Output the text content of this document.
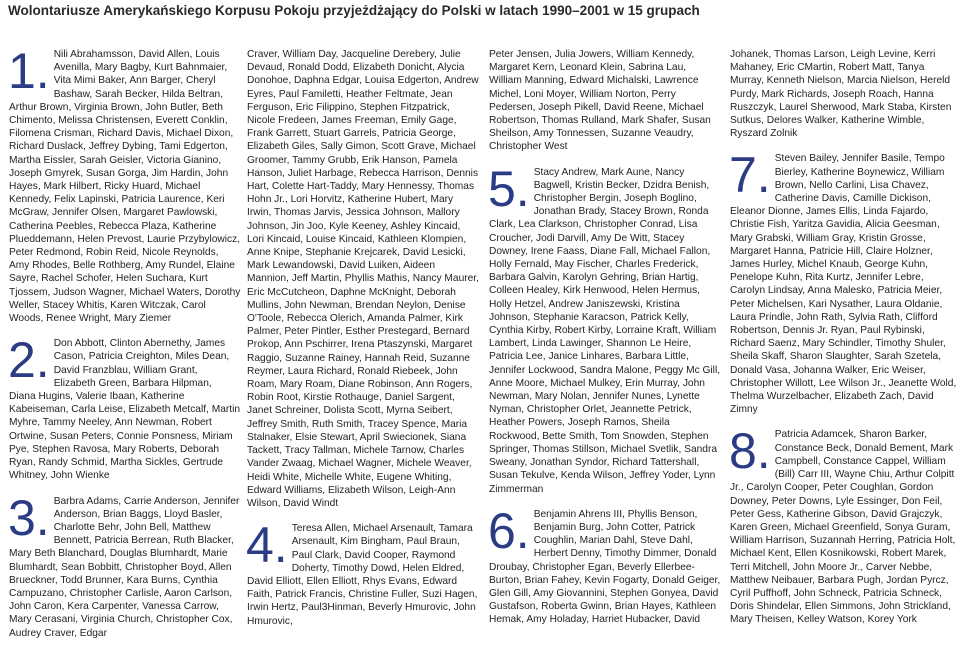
Wolontariusze Amerykańskiego Korpusu Pokoju przyjeżdżający do Polski w latach 1990–2001 w 15 grupach
1. Nili Abrahamsson, David Allen, Louis Avenilla, Mary Bagby, Kurt Bahnmaier, Vita Mimi Baker, Ann Barger, Cheryl Bashaw, Sarah Becker, Hilda Beltran, Arthur Brown, Virginia Brown, John Butler, Beth Chimento, Melissa Christensen, Everett Conklin, Filomena Crisman, Richard Davis, Michael Dixon, Richard Duslack, Jeffrey Dybing, Tami Edgerton, Martha Eissler, Sarah Geisler, Victoria Gianino, Joseph Gmyrek, Susan Gorga, Jim Hardin, John Hayes, Mark Hilbert, Ricky Huard, Michael Kennedy, Felix Lapinski, Patricia Laurence, Keri McGraw, Jennifer Olsen, Margaret Pawlowski, Catherina Peebles, Rebecca Plaza, Katherine Plueddemann, Helen Prevost, Laurie Przybylowicz, Peter Redmond, Robin Reid, Nicole Reynolds, Amy Rhodes, Belle Rothberg, Amy Rundel, Elaine Sayre, Rachel Schofer, Helen Suchara, Kurt Tjossem, Judson Wagner, Michael Waters, Dorothy Weller, Stacey Whitis, Karen Witczak, Carol Woods, Renee Wright, Mary Ziemer
2. Don Abbott, Clinton Abernethy, James Cason, Patricia Creighton, Miles Dean, David Franzblau, William Grant, Elizabeth Green, Barbara Hilpman, Diana Hugins, Valerie Ibaan, Katherine Kabeiseman, Carla Leise, Elizabeth Metcalf, Martin Myhre, Tammy Neeley, Ann Newman, Robert Ortwine, Susan Peters, Connie Ponsness, Miriam Pye, Stephen Ravosa, Mary Roberts, Deborah Ryan, Randy Schmid, Martha Sickles, Gertrude Whitney, John Wienke
3. Barbra Adams, Carrie Anderson, Jennifer Anderson, Brian Baggs, Lloyd Basler, Charlotte Behr, John Bell, Matthew Bennett, Patricia Berrean, Ruth Blacker, Mary Beth Blanchard, Douglas Blumhardt, Marie Blumhardt, Sean Bobbitt, Christopher Boyd, Allen Brueckner, Todd Brunner, Kara Burns, Cynthia Campuzano, Christopher Carlisle, Aaron Carlson, John Caron, Kera Carpenter, Vanessa Carrow, Mary Cerasani, Virginia Church, Christopher Cox, Audrey Craver, Edgar
Craver, William Day, Jacqueline Derebery, Julie Devaud, Ronald Dodd, Elizabeth Donicht, Alycia Donohoe, Daphna Edgar, Louisa Edgerton, Andrew Eyres, Paul Familetti, Heather Feltmate, Jean Ferguson, Eric Filippino, Stephen Fitzpatrick, Nicole Fredeen, James Freeman, Emily Gage, Frank Garrett, Stuart Garrels, Patricia George, Elizabeth Giles, Sally Gimon, Scott Grave, Michael Groomer, Tammy Grubb, Erik Hanson, Pamela Hanson, Juliet Harbage, Rebecca Harrison, Dennis Hart, Colette Hart-Taddy, Mary Hennessy, Thomas Hohn Jr., Lori Horvitz, Katherine Hubert, Mary Irwin, Thomas Jarvis, Jessica Johnson, Mallory Johnson, Jin Joo, Kyle Keeney, Ashley Kincaid, Lori Kincaid, Louise Kincaid, Kathleen Klompien, Anne Knipe, Stephanie Krejcarek, David Lesicki, Mark Lewandowski, David Luiken, Aideen Mannion, Jeff Martin, Phyllis Mathis, Nancy Maurer, Eric McCutcheon, Daphne McKnight, Deborah Mullins, John Newman, Brendan Neylon, Denise O'Toole, Rebecca Olerich, Amanda Palmer, Kirk Palmer, Peter Pintler, Esther Prestegard, Bernard Prokop, Ann Pschirrer, Irena Ptaszynski, Margaret Raggio, Suzanne Rainey, Hannah Reid, Suzanne Reymer, Laura Richard, Ronald Riebeek, John Roam, Mary Roam, Diane Robinson, Ann Rogers, Robin Root, Kirstie Rothauge, Daniel Sargent, Janet Schreiner, Dolista Scott, Myrna Seibert, Jeffrey Smith, Ruth Smith, Tracey Spence, Maria Stalnaker, Elsie Stewart, April Swiecionek, Siana Tackett, Tracy Tallman, Michele Tarnow, Charles Vander Zwaag, Michael Wagner, Michele Weaver, Heidi White, Michelle White, Eugene Whiting, Edward Williams, Elizabeth Wilson, Leigh-Ann Wilson, David Windt
4. Teresa Allen, Michael Arsenault, Tamara Arsenault, Kim Bingham, Paul Braun, Paul Clark, David Cooper, Raymond Doherty, Timothy Dowd, Helen Eldred, David Elliott, Ellen Elliott, Rhys Evans, Edward Faith, Patrick Francis, Christine Fuller, Suzi Hagen, Irwin Hertz, Paul3Hinman, Beverly Hmurovic, John Hmurovic,
Peter Jensen, Julia Jowers, William Kennedy, Margaret Kern, Leonard Klein, Sabrina Lau, William Manning, Edward Michalski, Lawrence Michel, Loni Moyer, William Norton, Perry Pedersen, Joseph Pikell, David Reene, Michael Robertson, Thomas Rulland, Mark Shafer, Susan Sheilson, Amy Tonnessen, Suzanne Veaudry, Christopher West
5. Stacy Andrew, Mark Aune, Nancy Bagwell, Kristin Becker, Dzidra Benish, Christopher Bergin, Joseph Boglino, Jonathan Brady, Stacey Brown, Ronda Clark, Lea Clarkson, Christopher Conrad, Lisa Croucher, Jodi Darvill, Amy De Witt, Stacey Downey, Irene Faass, Diane Fall, Michael Fallon, Holly Fernald, May Fischer, Charles Frederick, Barbara Galvin, Karolyn Gehring, Brian Hartig, Colleen Healey, Kirk Henwood, Helen Hermus, Holly Hetzel, Andrew Janiszewski, Kristina Johnson, Stephanie Karacson, Patrick Kelly, Cynthia Kirby, Robert Kirby, Lorraine Kraft, William Lambert, Linda Lawinger, Shannon Le Heire, Patricia Lee, Janice Linhares, Barbara Little, Jennifer Lockwood, Sandra Malone, Peggy Mc Gill, Anne Moore, Michael Mulkey, Erin Murray, John Newman, Mary Nolan, Jennifer Nunes, Lynette Nyman, Christopher Orlet, Jeannette Petrick, Heather Powers, Joseph Ramos, Sheila Rockwood, Bette Smith, Tom Snowden, Stephen Springer, Thomas Stillson, Michael Svetlik, Sandra Sweany, Jonathan Syndor, Richard Tattershall, Susan Tekulve, Kenda Wilson, Jeffrey Yoder, Lynn Zimmerman
6. Benjamin Ahrens III, Phyllis Benson, Benjamin Burg, John Cotter, Patrick Coughlin, Marian Dahl, Steve Dahl, Herbert Denny, Timothy Dimmer, Donald Droubay, Christopher Egan, Beverly Ellerbee-Burton, Brian Fahey, Kevin Fogarty, Donald Geiger, Glen Gill, Amy Giovannini, Stephen Gonyea, David Gustafson, Roberta Gwinn, Brian Hayes, Kathleen Hemak, Amy Holaday, Harriet Hubacker, David
Johanek, Thomas Larson, Leigh Levine, Kerri Mahaney, Eric CMartin, Robert Matt, Tanya Murray, Kenneth Nielson, Marcia Nielson, Hereld Purdy, Mark Richards, Joseph Roach, Hanna Ruszczyk, Laurel Sherwood, Mark Staba, Kirsten Sutkus, Delores Walker, Katherine Wimble, Ryszard Zolnik
7. Steven Bailey, Jennifer Basile, Tempo Bierley, Katherine Boynewicz, William Brown, Nello Carlini, Lisa Chavez, Catherine Davis, Camille Dickison, Eleanor Dionne, James Ellis, Linda Fajardo, Christie Fish, Yaritza Gavidia, Alicia Geesman, Mary Grabski, William Gray, Kristin Grosse, Margaret Hanna, Patricie Hill, Claire Holzner, James Hurley, Michel Knaub, George Kuhn, Penelope Kuhn, Rita Kurtz, Jennifer Lebre, Carolyn Lindsay, Anna Malesko, Patricia Meier, Peter Michelsen, Kari Nysather, Laura Oldanie, Laura Prindle, John Rath, Sylvia Rath, Clifford Robertson, Dennis Jr. Ryan, Paul Rybinski, Richard Saenz, Mary Schindler, Timothy Shuler, Sheila Skaff, Sharon Slaughter, Sarah Szetela, Donald Vasa, Johanna Walker, Eric Weiser, Christopher Willott, Lee Wilson Jr., Jeanette Wold, Thelma Wurzelbacher, Elizabeth Zach, David Zimny
8. Patricia Adamcek, Sharon Barker, Constance Beck, Donald Bement, Mark Campbell, Constance Cappel, William (Bill) Carr III, Wayne Chiu, Arthur Colpitt Jr., Carolyn Cooper, Peter Coughlan, Gordon Downey, Peter Downs, Lyle Essinger, Don Feil, Peter Gess, Katherine Gibson, David Grajczyk, Karen Green, Michael Greenfield, Sonya Guram, William Harrison, Suzannah Herring, Patricia Holt, Michael Kent, Ellen Kosnikowski, Robert Marek, Terri Mitchell, John Moore Jr., Carver Nebbe, Matthew Neibauer, Barbara Pugh, Jordan Pyrcz, Cyril Puffhoff, John Schneck, Patricia Schneck, Doris Shindelar, Ellen Simmons, John Strickland, Mary Theisen, Kelley Watson, Korey York
